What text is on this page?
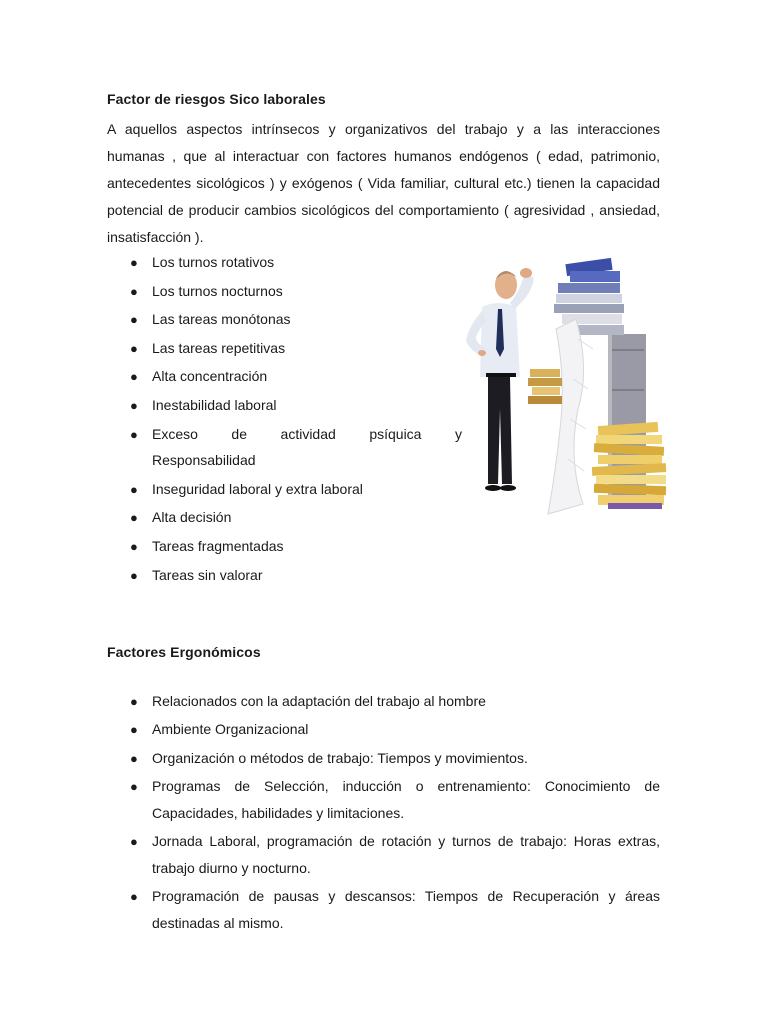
Factor de riesgos Sico laborales
A aquellos aspectos intrínsecos y organizativos del trabajo y a las interacciones humanas , que al interactuar con factores humanos endógenos ( edad, patrimonio, antecedentes sicológicos ) y exógenos ( Vida familiar, cultural etc.) tienen la capacidad potencial de producir cambios sicológicos del comportamiento ( agresividad , ansiedad, insatisfacción ).
● Los turnos rotativos
● Los turnos nocturnos
● Las tareas monótonas
● Las tareas repetitivas
● Alta concentración
● Inestabilidad laboral
● Exceso de actividad psíquica y
Responsabilidad
● Inseguridad laboral y extra laboral
● Alta decisión
● Tareas fragmentadas
● Tareas sin valorar
Factores Ergonómicos
● Relacionados con la adaptación del trabajo al hombre
● Ambiente Organizacional
● Organización o métodos de trabajo: Tiempos y movimientos.
● Programas de Selección, inducción o entrenamiento: Conocimiento de Capacidades, habilidades y limitaciones.
● Jornada Laboral, programación de rotación y turnos de trabajo: Horas extras, trabajo diurno y nocturno.
● Programación de pausas y descansos: Tiempos de Recuperación y áreas destinadas al mismo.
